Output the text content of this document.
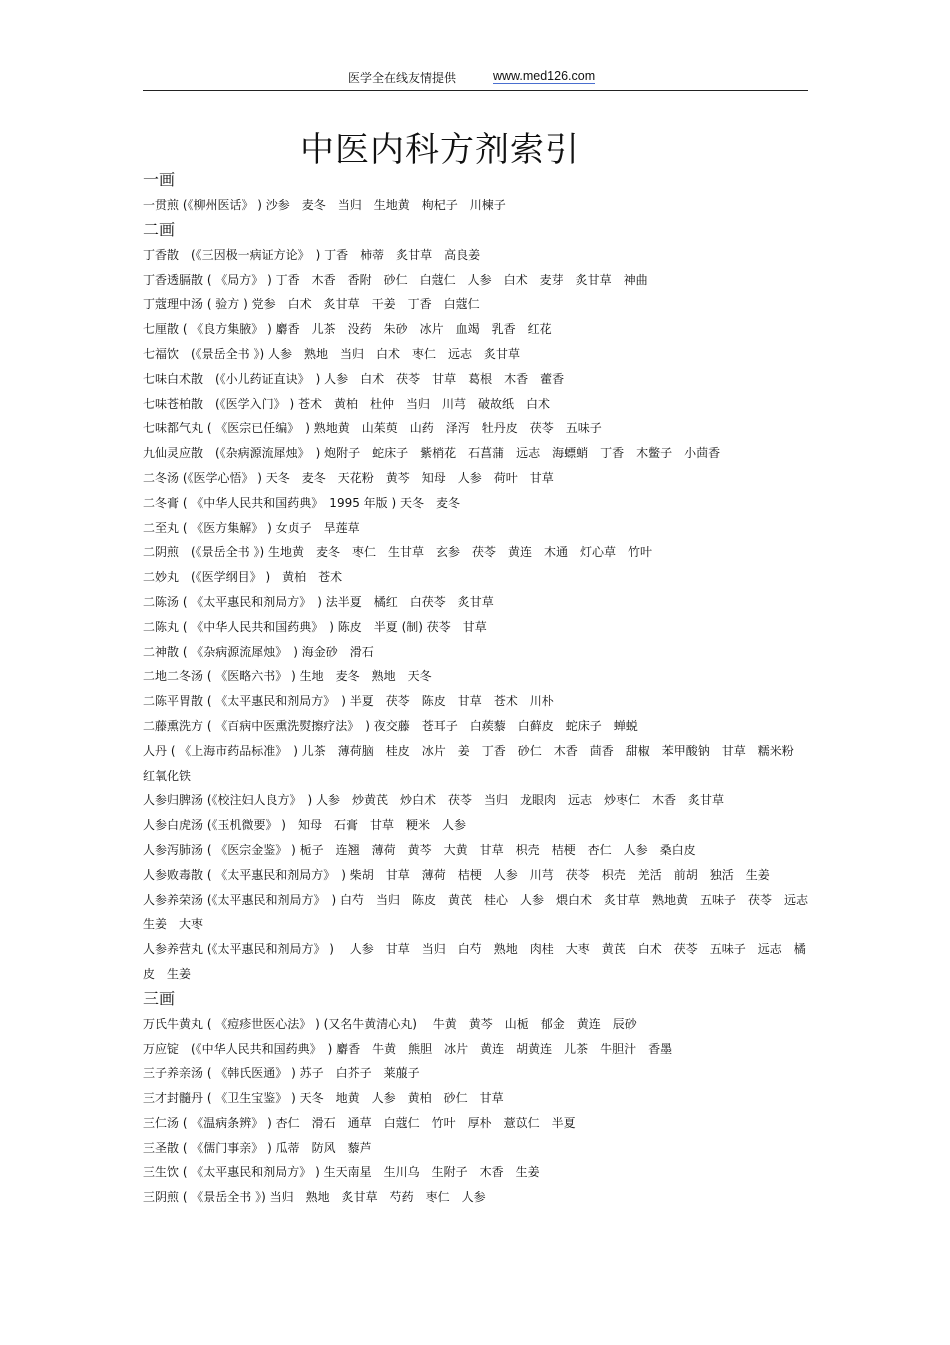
医学全在线友情提供	www.med126.com
中医内科方剂索引
一画

一贯煎 (《柳州医话》 ) 沙参　麦冬　当归　生地黄　枸杞子　川楝子

二画

丁香散　(《三因极一病证方论》　) 丁香　柿蒂　炙甘草　高良姜

丁香透膈散 ( 《局方》 ) 丁香　木香　香附　砂仁　白蔻仁　人参　白术　麦芽　炙甘草　神曲

丁蔻理中汤 ( 验方 ) 党参　白术　炙甘草　干姜　丁香　白蔻仁

七厘散 ( 《良方集腋》 ) 麝香　儿茶　没药　朱砂　冰片　血竭　乳香　红花

七福饮　(《景岳全书 》) 人参　熟地　当归　白术　枣仁　远志　炙甘草

七味白术散　(《小儿药证直诀》　) 人参　白术　茯苓　甘草　葛根　木香　藿香

七味苍柏散　(《医学入门》 ) 苍术　黄柏　杜仲　当归　川芎　破故纸　白术

七味都气丸 ( 《医宗已任编》　) 熟地黄　山茱萸　山药　泽泻　牡丹皮　茯苓　五味子

九仙灵应散　(《杂病源流犀烛》　) 炮附子　蛇床子　紫梢花　石菖蒲　远志　海螵蛸　丁香　木鳖子　小茴香

二冬汤 (《医学心悟》 ) 天冬　麦冬　天花粉　黄芩　知母　人参　荷叶　甘草

二冬膏 ( 《中华人民共和国药典》　1995 年版 ) 天冬　麦冬

二至丸 ( 《医方集解》 ) 女贞子　旱莲草

二阴煎　(《景岳全书 》) 生地黄　麦冬　枣仁　生甘草　玄参　茯苓　黄连　木通　灯心草　竹叶

二妙丸　(《医学纲目》 )　黄柏　苍术

二陈汤 ( 《太平惠民和剂局方》　) 法半夏　橘红　白茯苓　炙甘草

二陈丸 ( 《中华人民共和国药典》　) 陈皮　半夏 (制) 茯苓　甘草

二神散 ( 《杂病源流犀烛》　) 海金砂　滑石

二地二冬汤 ( 《医略六书》 ) 生地　麦冬　熟地　天冬

二陈平胃散 ( 《太平惠民和剂局方》　) 半夏　茯苓　陈皮　甘草　苍术　川朴

二藤熏洗方 ( 《百病中医熏洗熨擦疗法》　) 夜交藤　苍耳子　白蒺藜　白藓皮　蛇床子　蝉蜕

人丹 ( 《上海市药品标准》　) 儿茶　薄荷脑　桂皮　冰片　姜　丁香　砂仁　木香　茴香　甜椒　苯甲酸钠　甘草　糯米粉　红氧化铁

人参归脾汤 (《校注妇人良方》　) 人参　炒黄芪　炒白术　茯苓　当归　龙眼肉　远志　炒枣仁　木香　炙甘草

人参白虎汤 (《玉机微要》 )　知母　石膏　甘草　粳米　人参

人参泻肺汤 ( 《医宗金鉴》 ) 栀子　连翘　薄荷　黄芩　大黄　甘草　枳壳　桔梗　杏仁　人参　桑白皮

人参败毒散 ( 《太平惠民和剂局方》　) 柴胡　甘草　薄荷　桔梗　人参　川芎　茯苓　枳壳　羌活　前胡　独活　生姜

人参养荣汤 (《太平惠民和剂局方》　) 白芍　当归　陈皮　黄芪　桂心　人参　煨白术　炙甘草　熟地黄　五味子　茯苓　远志　生姜　大枣

人参养营丸 (《太平惠民和剂局方》 )　 人参　甘草　当归　白芍　熟地　肉桂　大枣　黄芪　白术　茯苓　五味子　远志　橘皮　生姜

三画

万氏牛黄丸 ( 《痘疹世医心法》 ) (又名牛黄清心丸)　 牛黄　黄芩　山栀　郁金　黄连　辰砂

万应锭　(《中华人民共和国药典》　) 麝香　牛黄　熊胆　冰片　黄连　胡黄连　儿茶　牛胆汁　香墨

三子养亲汤 ( 《韩氏医通》 ) 苏子　白芥子　莱菔子

三才封髓丹 ( 《卫生宝鉴》 ) 天冬　地黄　人参　黄柏　砂仁　甘草

三仁汤 ( 《温病条辨》 ) 杏仁　滑石　通草　白蔻仁　竹叶　厚朴　薏苡仁　半夏

三圣散 ( 《儒门事亲》 ) 瓜蒂　防风　藜芦

三生饮 ( 《太平惠民和剂局方》 ) 生天南星　生川乌　生附子　木香　生姜

三阴煎 ( 《景岳全书 》) 当归　熟地　炙甘草　芍药　枣仁　人参
